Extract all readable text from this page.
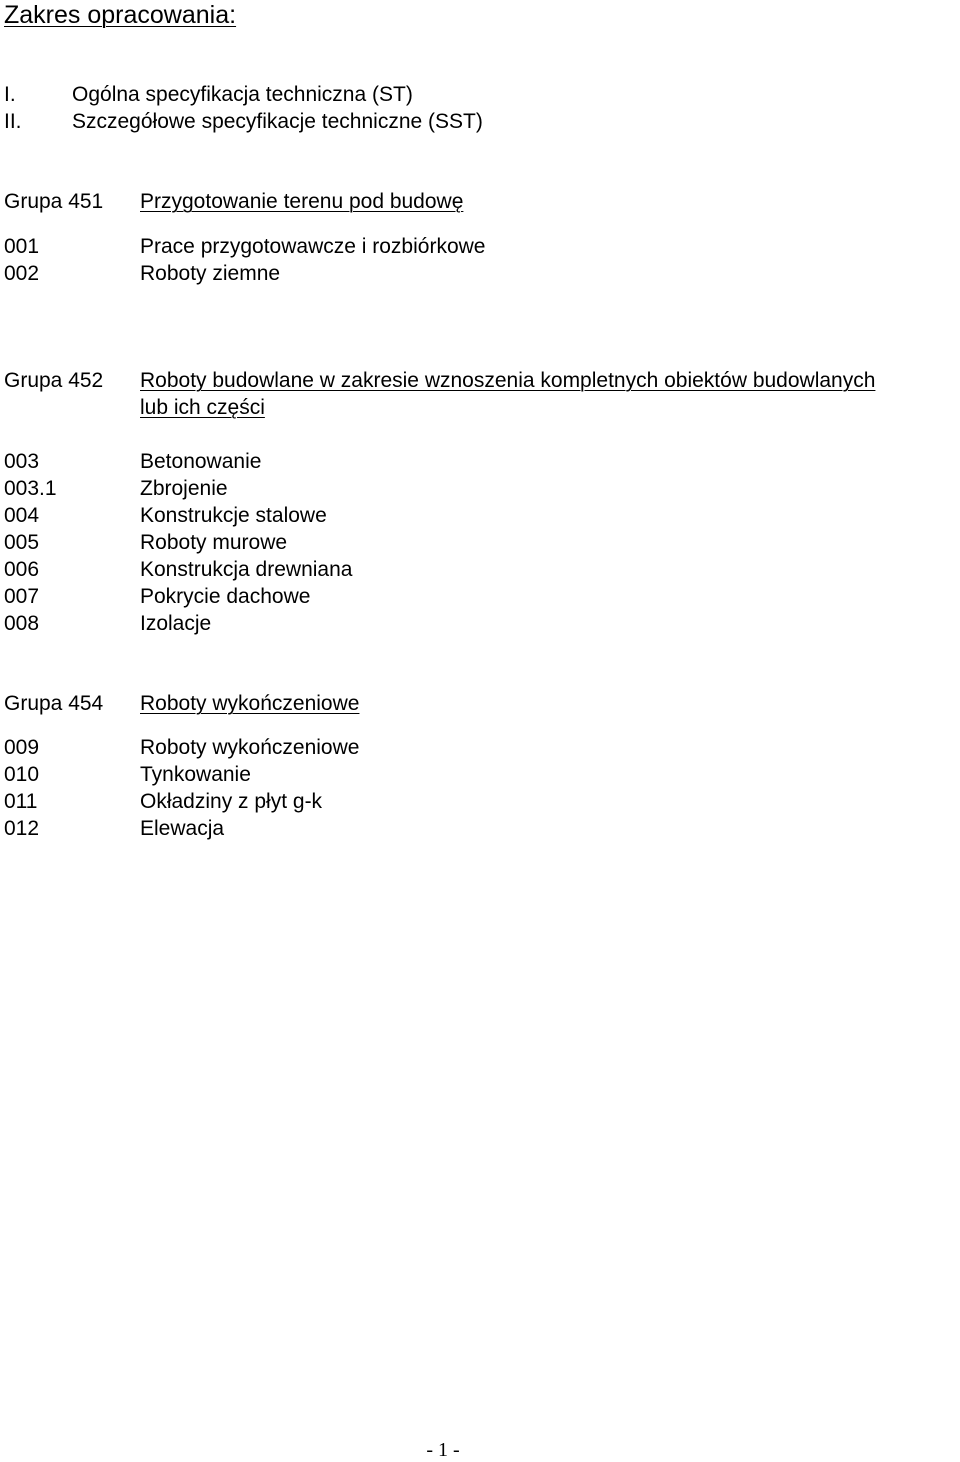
Zakres opracowania:
I.	Ogólna specyfikacja techniczna (ST)
II. Szczegółowe specyfikacje techniczne (SST)
Grupa 451 Przygotowanie terenu pod budowę
001	Prace przygotowawcze i rozbiórkowe
002	Roboty ziemne
Grupa 452 Roboty budowlane w zakresie wznoszenia kompletnych obiektów budowlanych
lub ich części
003	Betonowanie
003.1	Zbrojenie
004	Konstrukcje stalowe
005	Roboty murowe
006	Konstrukcja drewniana
007	Pokrycie dachowe
008	Izolacje
Grupa 454 Roboty wykończeniowe
009	Roboty wykończeniowe
010	Tynkowanie
011	Okładziny z płyt g-k
012	Elewacja
- 1 -
